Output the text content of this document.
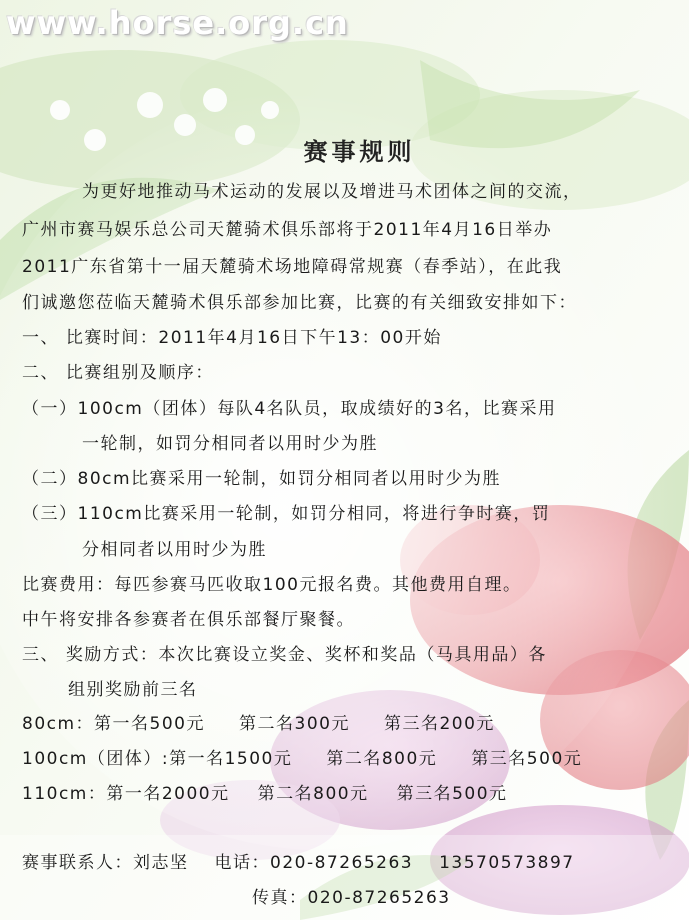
www.horse.org.cn
赛事规则
为更好地推动马术运动的发展以及增进马术团体之间的交流，
广州市赛马娱乐总公司天麓骑术俱乐部将于2011年4月16日举办
2011广东省第十一届天麓骑术场地障碍常规赛（春季站），在此我
们诚邀您莅临天麓骑术俱乐部参加比赛，比赛的有关细致安排如下：
一、 比赛时间：2011年4月16日下午13：00开始
二、 比赛组别及顺序：
（一）100cm（团体）每队4名队员，取成绩好的3名，比赛采用
一轮制，如罚分相同者以用时少为胜
（二）80cm比赛采用一轮制，如罚分相同者以用时少为胜
（三）110cm比赛采用一轮制，如罚分相同，将进行争时赛，罚
分相同者以用时少为胜
比赛费用：每匹参赛马匹收取100元报名费。其他费用自理。
中午将安排各参赛者在俱乐部餐厅聚餐。
三、 奖励方式：本次比赛设立奖金、奖杯和奖品（马具用品）各
组别奖励前三名
80cm：第一名500元 第二名300元 第三名200元
100cm（团体）:第一名1500元 第二名800元 第三名500元
110cm：第一名2000元 第二名800元 第三名500元
赛事联系人：刘志坚 电话：020-87265263 13570573897
传真：020-87265263
